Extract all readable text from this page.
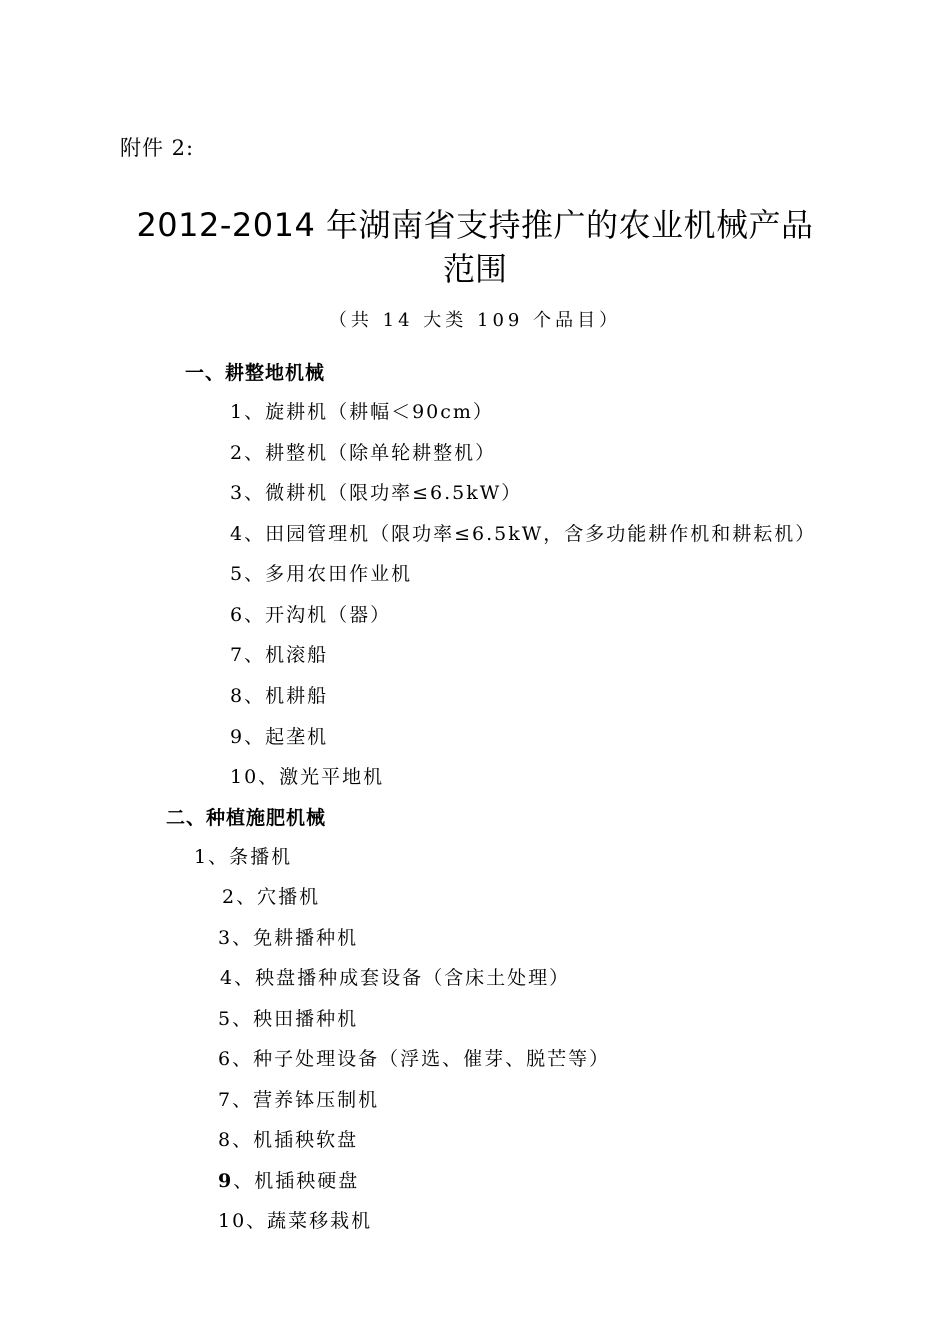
附件 2:
2012-2014 年湖南省支持推广的农业机械产品
范围
（共 14 大类 109 个品目）
一、耕整地机械
1、旋耕机（耕幅＜90cm）
2、耕整机（除单轮耕整机）
3、微耕机（限功率≤6.5kW）
4、田园管理机（限功率≤6.5kW，含多功能耕作机和耕耘机）
5、多用农田作业机
6、开沟机（器）
7、机滚船
8、机耕船
9、起垄机
10、激光平地机
二、种植施肥机械
1、条播机
2、穴播机
3、免耕播种机
4、秧盘播种成套设备（含床土处理）
5、秧田播种机
6、种子处理设备（浮选、催芽、脱芒等）
7、营养钵压制机
8、机插秧软盘
9、机插秧硬盘
10、蔬菜移栽机
